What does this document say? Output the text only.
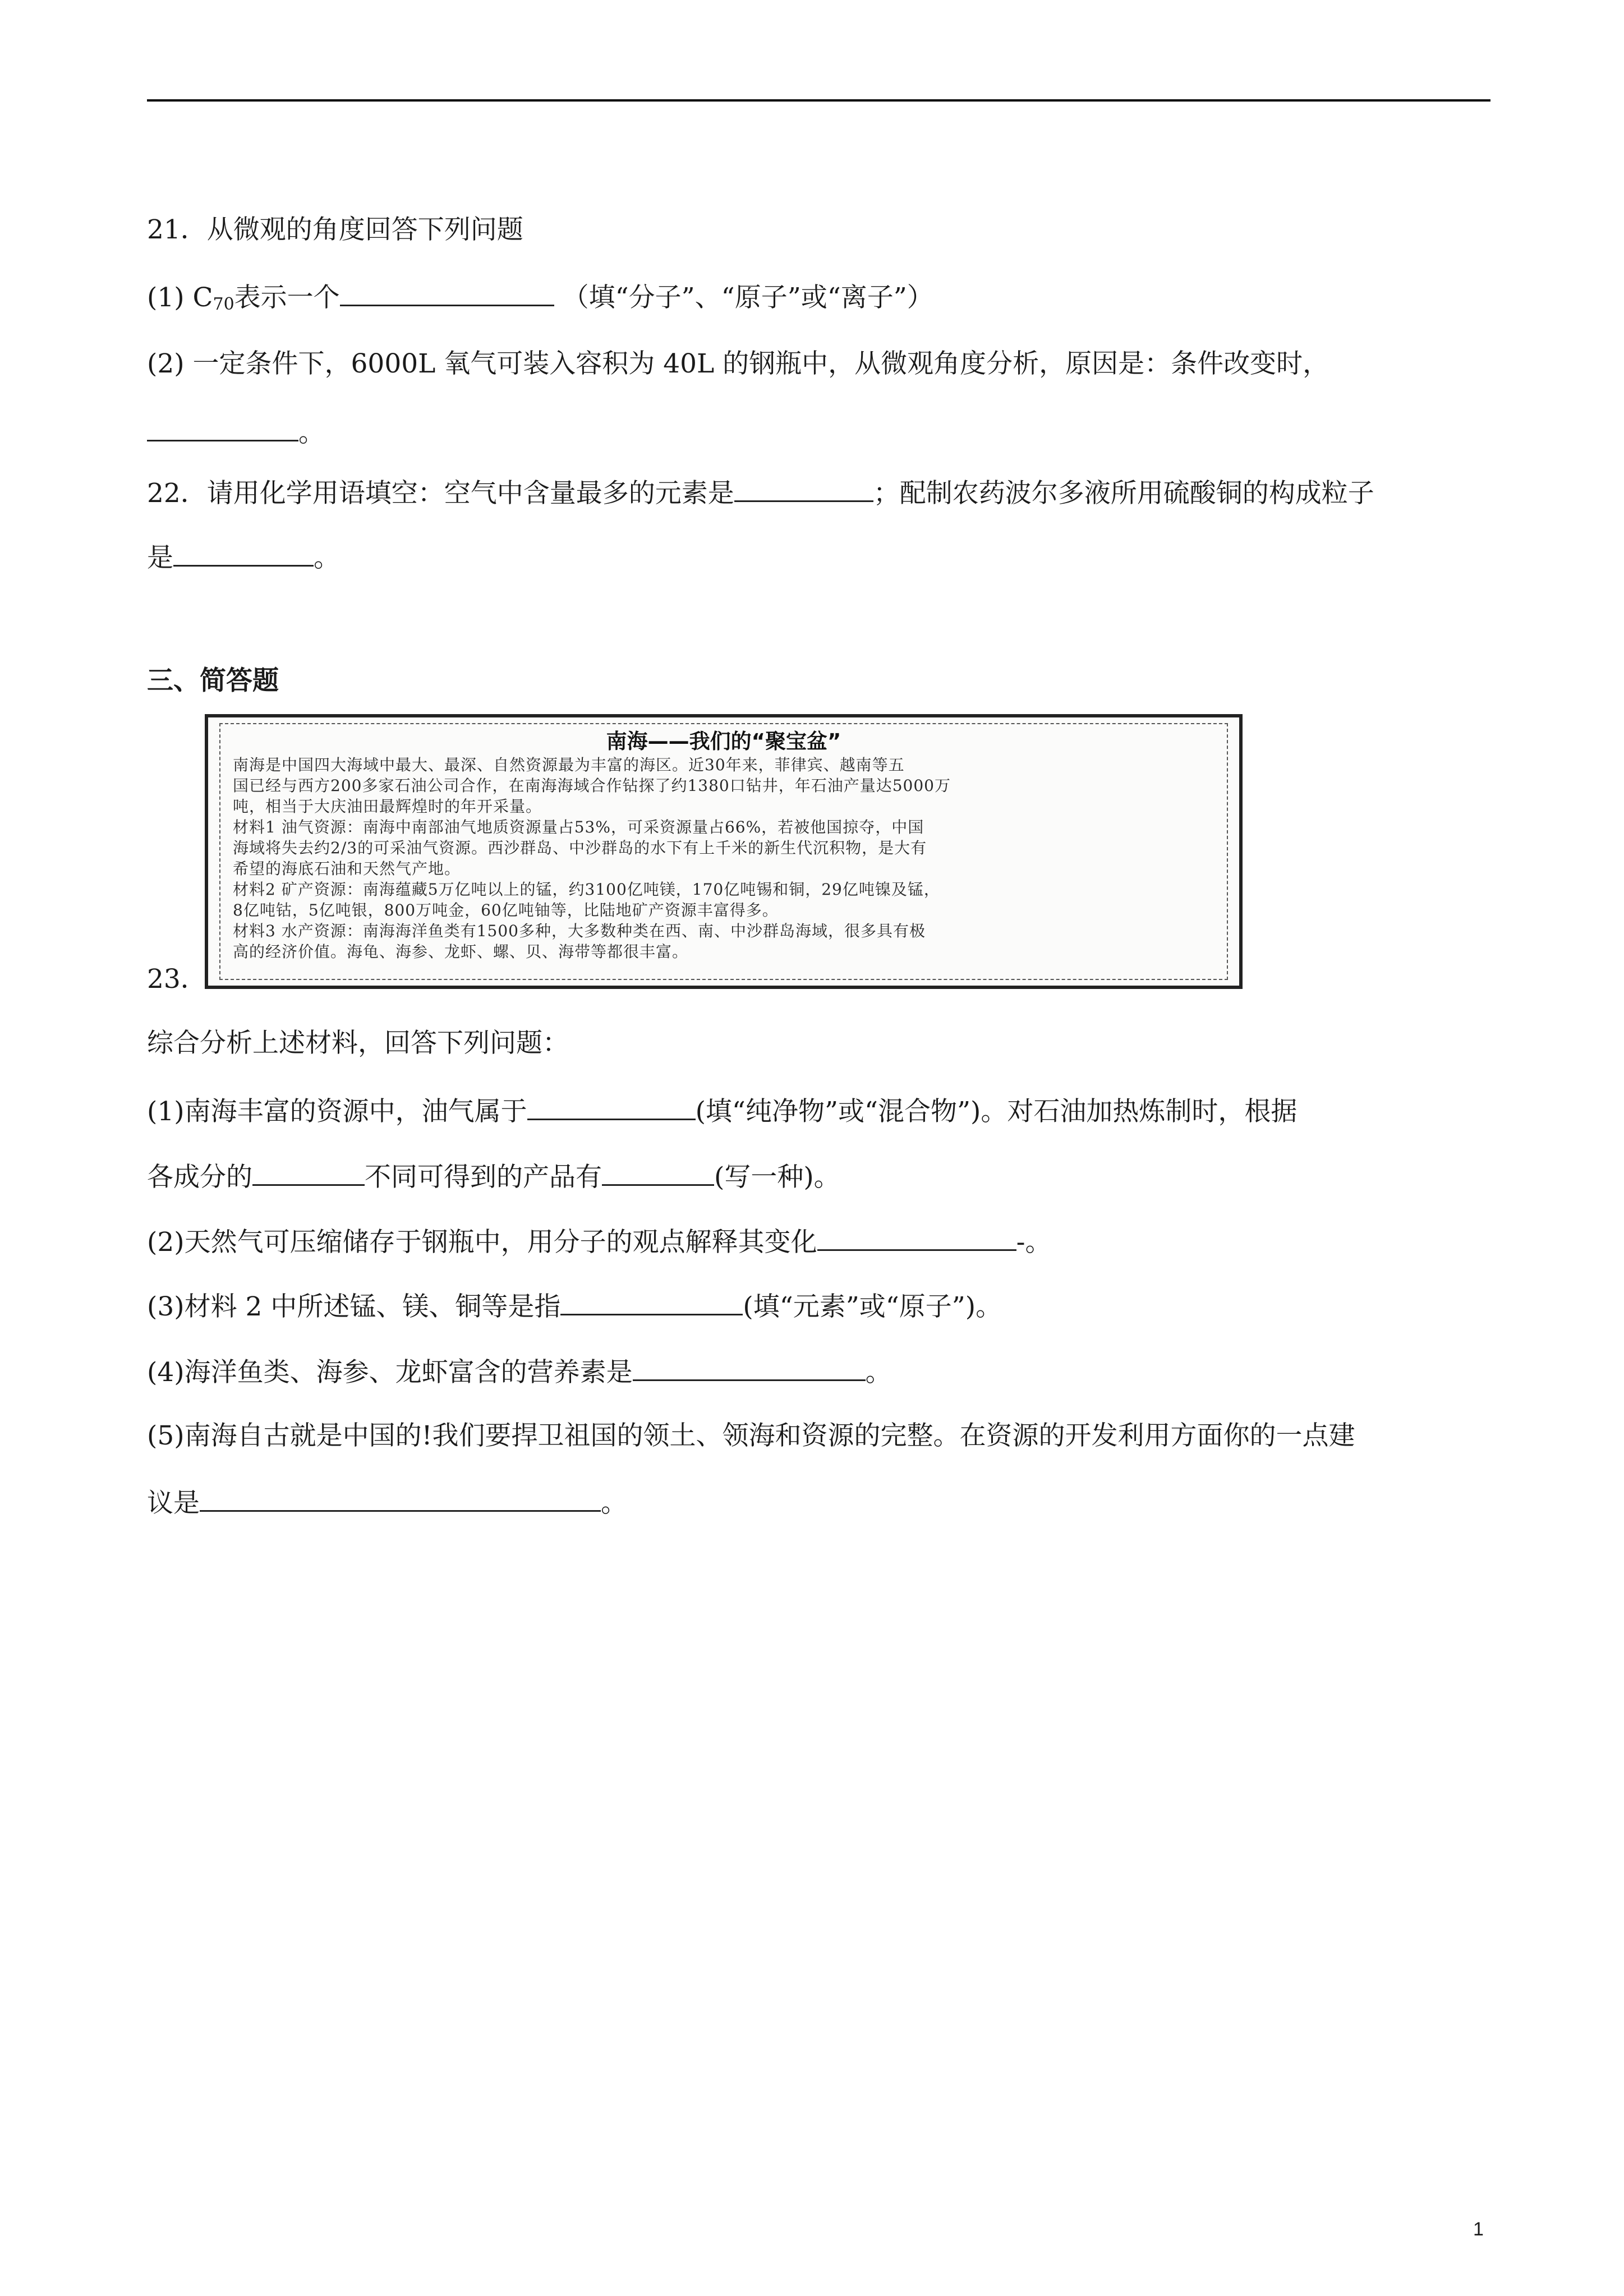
21．从微观的角度回答下列问题
(1) $C_{70}$表示一个	（填“分子”、“原子”或“离子”）
(2) 一定条件下，6000L 氧气可装入容积为 40L 的钢瓶中，从微观角度分析，原因是：条件改变时，
。
22．请用化学用语填空：空气中含量最多的元素是	；配制农药波尔多液所用硫酸铜的构成粒子
是	。
三、简答题
南海——我们的“聚宝盆”
南海是中国四大海域中最大、最深、自然资源最为丰富的海区。近30年来，菲律宾、越南等五
国已经与西方200多家石油公司合作，在南海海域合作钻探了约1380口钻井，年石油产量达5000万
吨，相当于大庆油田最辉煌时的年开采量。
材料1 油气资源：南海中南部油气地质资源量占53%，可采资源量占66%，若被他国掠夺，中国
海域将失去约2/3的可采油气资源。西沙群岛、中沙群岛的水下有上千米的新生代沉积物，是大有
希望的海底石油和天然气产地。
材料2 矿产资源：南海蕴藏5万亿吨以上的锰，约3100亿吨镁，170亿吨锡和铜，29亿吨镍及锰，
8亿吨钴，5亿吨银，800万吨金，60亿吨铀等，比陆地矿产资源丰富得多。
材料3 水产资源：南海海洋鱼类有1500多种，大多数种类在西、南、中沙群岛海域，很多具有极
高的经济价值。海龟、海参、龙虾、螺、贝、海带等都很丰富。
23．
综合分析上述材料，回答下列问题：
(1)南海丰富的资源中，油气属于	(填“纯净物”或“混合物”)。对石油加热炼制时，根据
各成分的	不同可得到的产品有	(写一种)。
(2)天然气可压缩储存于钢瓶中，用分子的观点解释其变化	-。
(3)材料 2 中所述锰、镁、铜等是指	(填“元素”或“原子”)。
(4)海洋鱼类、海参、龙虾富含的营养素是	。
(5)南海自古就是中国的!我们要捍卫祖国的领土、领海和资源的完整。在资源的开发利用方面你的一点建
议是	。
1
